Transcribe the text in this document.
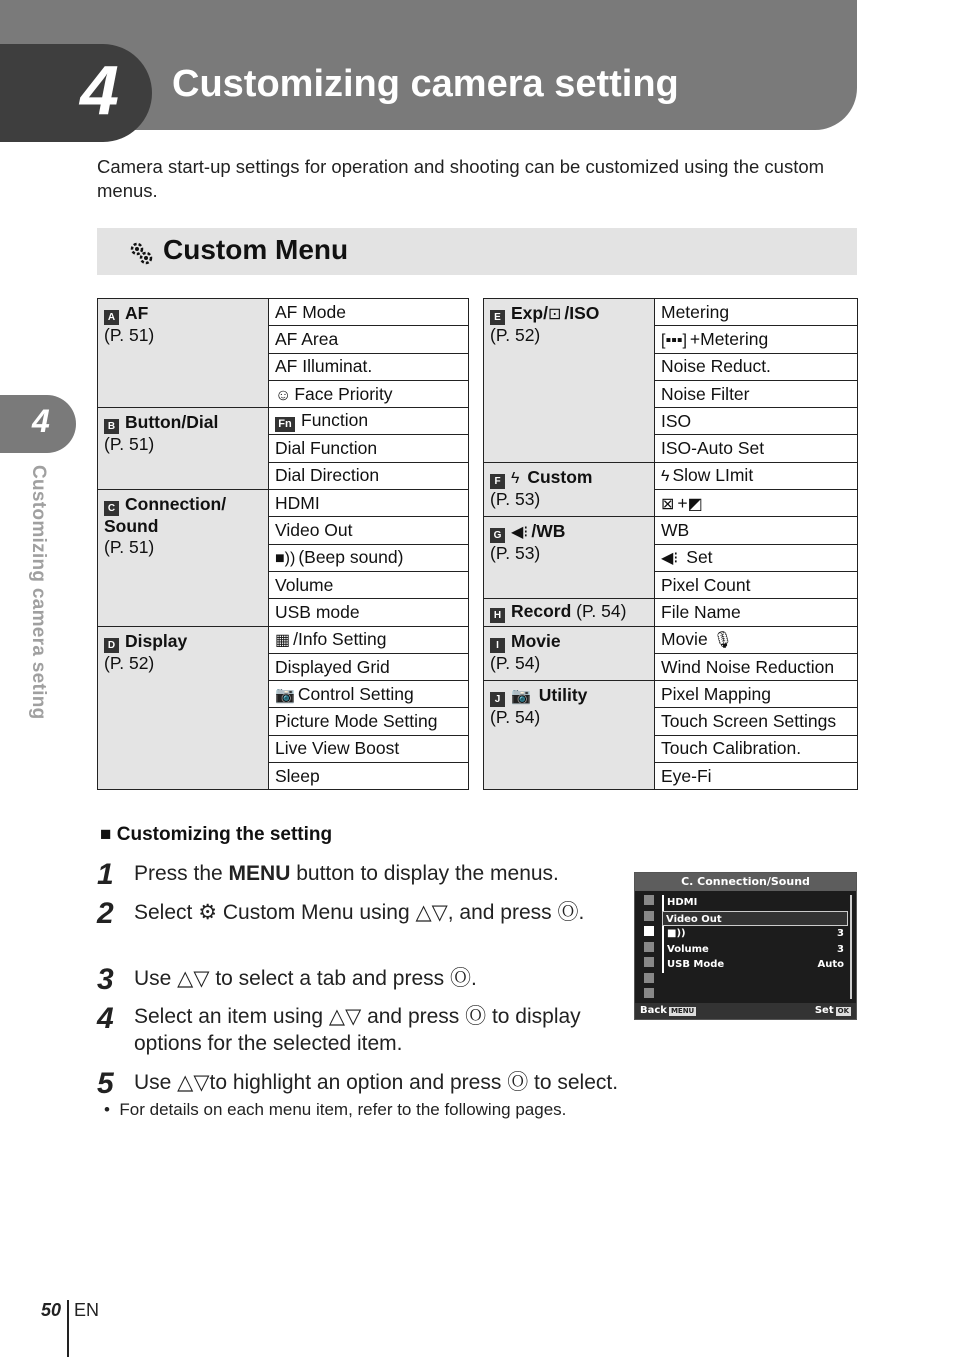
4 Customizing camera setting
Camera start-up settings for operation and shooting can be customized using the custom menus.
Custom Menu
4
Customizing camera seting
A AF
(P. 51)	AF Mode
	AF Area
	AF Illuminat.
	☺ Face Priority
B Button/Dial
(P. 51)	Fn Function
	Dial Function
	Dial Direction
C Connection/
Sound
(P. 51)	HDMI
	Video Out
	■)) (Beep sound)
	Volume
	USB mode
D Display
(P. 52)	▦ /Info Setting
	Displayed Grid
	📷 Control Setting
	Picture Mode Setting
	Live View Boost
	Sleep
E Exp/⊡ /ISO
(P. 52)	Metering
	[▪▪▪] +Metering
	Noise Reduct.
	Noise Filter
	ISO
	ISO-Auto Set
F ϟ Custom
(P. 53)	ϟ Slow LImit
	⊠ +◩
G ◀⁝ /WB
(P. 53)	WB
	◀⁝ Set
	Pixel Count
H Record (P. 54)	File Name
I Movie
(P. 54)	Movie 🎙
	Wind Noise Reduction
J 📷 Utility
(P. 54)	Pixel Mapping
	Touch Screen Settings
	Touch Calibration.
	Eye-Fi
■ Customizing the setting
1 Press the MENU button to display the menus.
2 Select ⚙ Custom Menu using △▽, and press Ⓞ.
3 Use △▽ to select a tab and press Ⓞ.
4 Select an item using △▽ and press Ⓞ to display options for the selected item.
5 Use △▽to highlight an option and press Ⓞ to select.
•  For details on each menu item, refer to the following pages.
C. Connection/Sound
HDMI
Video Out
■))	3
Volume	3
USB Mode	Auto
Back MENU	Set OK
50 EN
